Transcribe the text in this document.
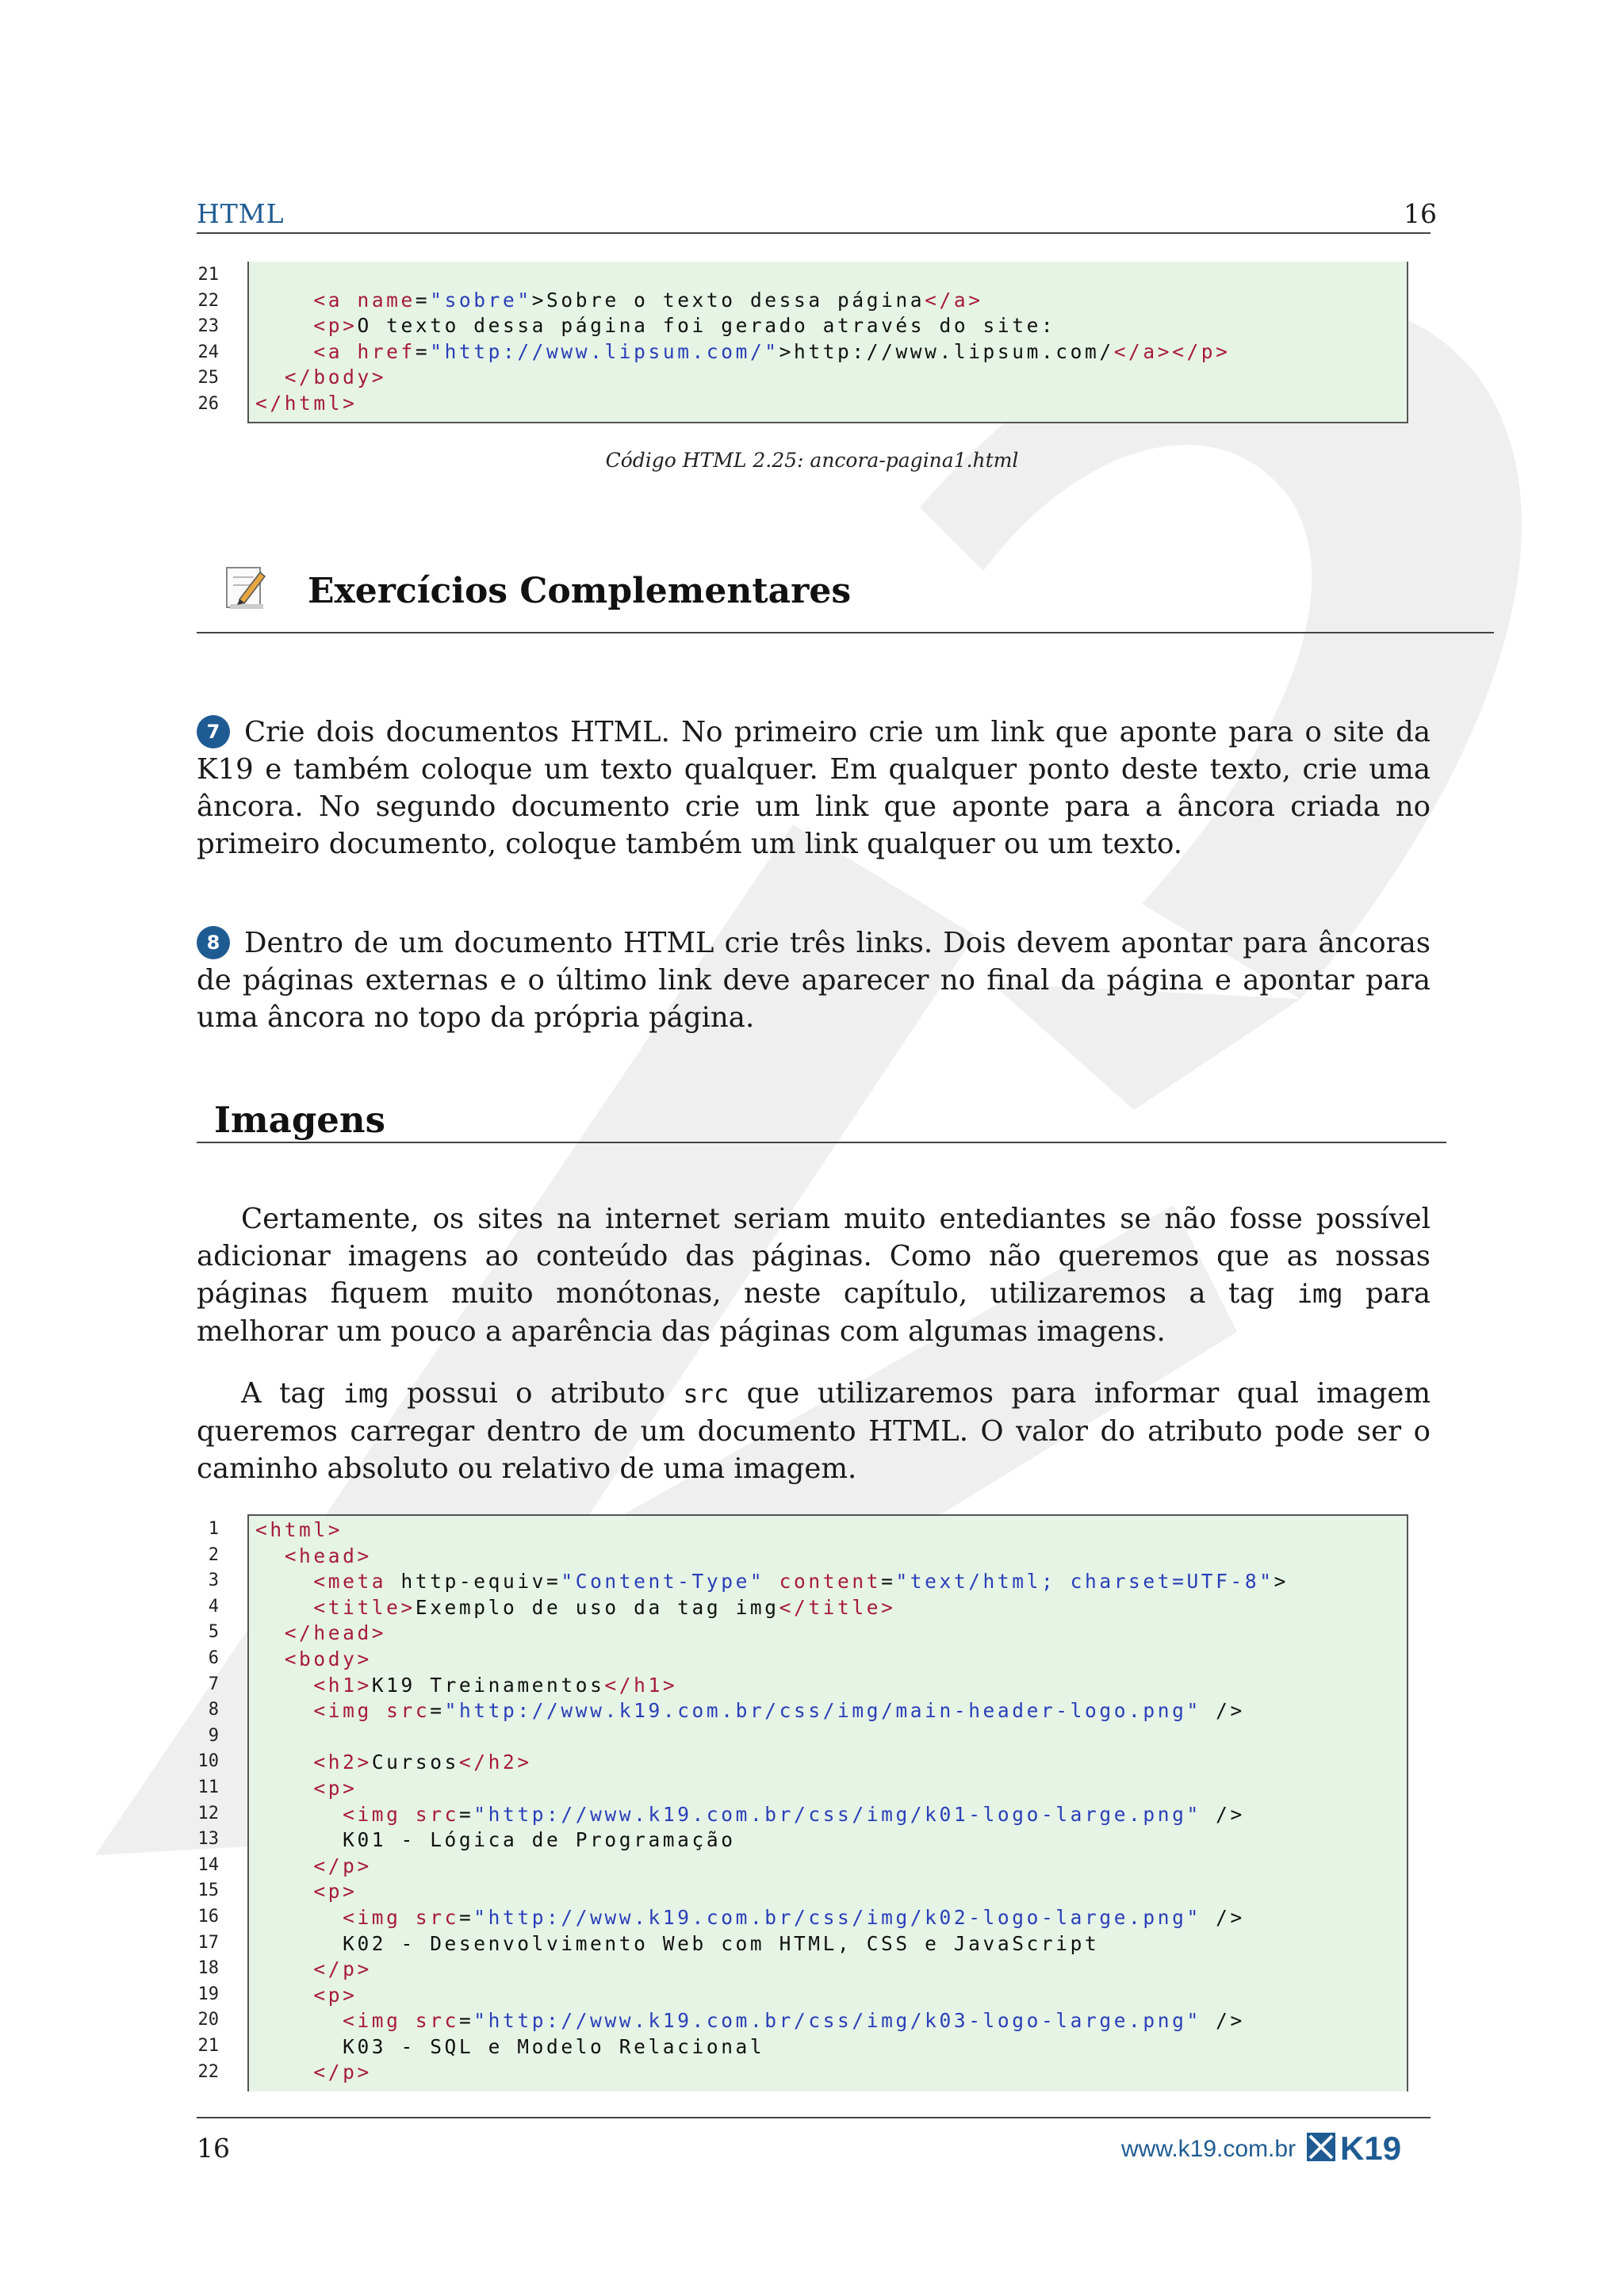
HTML	16
<a name="sobre">Sobre o texto dessa página</a>
<p>O texto dessa página foi gerado através do site:
<a href="http://www.lipsum.com/">http://www.lipsum.com/</a></p>
</body>
</html>
21
22
23
24
25
26
Código HTML 2.25: ancora-pagina1.html
Exercícios Complementares
7 Crie dois documentos HTML. No primeiro crie um link que aponte para o site da K19 e também coloque um texto qualquer. Em qualquer ponto deste texto, crie uma âncora. No segundo documento crie um link que aponte para a âncora criada no primeiro documento, coloque também um link qualquer ou um texto.
8 Dentro de um documento HTML crie três links. Dois devem apontar para âncoras de páginas externas e o último link deve aparecer no final da página e apontar para uma âncora no topo da própria página.
Imagens
Certamente, os sites na internet seriam muito entediantes se não fosse possível adicionar imagens ao conteúdo das páginas. Como não queremos que as nossas páginas fiquem muito monótonas, neste capítulo, utilizaremos a tag img para melhorar um pouco a aparência das páginas com algumas imagens.
A tag img possui o atributo src que utilizaremos para informar qual imagem queremos carregar dentro de um documento HTML. O valor do atributo pode ser o caminho absoluto ou relativo de uma imagem.
<html>
<head>
<meta http-equiv="Content-Type" content="text/html; charset=UTF-8">
<title>Exemplo de uso da tag img</title>
</head>
<body>
<h1>K19 Treinamentos</h1>
<img src="http://www.k19.com.br/css/img/main-header-logo.png" />
<h2>Cursos</h2>
<p>
<img src="http://www.k19.com.br/css/img/k01-logo-large.png" />
K01 - Lógica de Programação
</p>
<p>
<img src="http://www.k19.com.br/css/img/k02-logo-large.png" />
K02 - Desenvolvimento Web com HTML, CSS e JavaScript
</p>
<p>
<img src="http://www.k19.com.br/css/img/k03-logo-large.png" />
K03 - SQL e Modelo Relacional
</p>
1
2
3
4
5
6
7
8
9
10
11
12
13
14
15
16
17
18
19
20
21
22
16	www.k19.com.br K19
